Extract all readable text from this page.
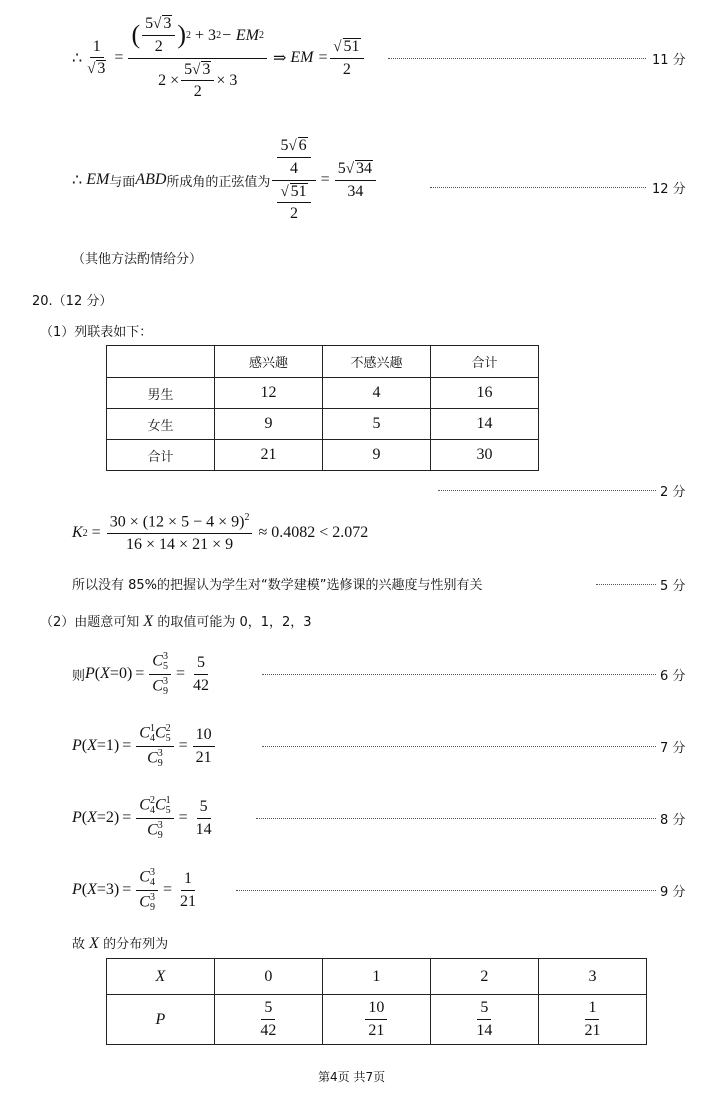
∴ $\frac{1}{√ 3}$ =
( $\frac{5√ 3}{2}$ ) 2 + 3 2 − EM 2
$2 \times \frac{5√ 3}{2} \times 3$
⇒ EM = $\frac{√ 51}{2}$	11 分
∴ EM 与面 ABD 所成角的正弦值为 $\frac{\frac{5√ 6}{4}}{\frac{√ 51}{2}} = \frac{5√ 34}{34}$	12 分
（其他方法酌情给分）
20.（12 分）
（1）列联表如下：
	感兴趣	不感兴趣	合计
男生	12	4	16
女生	9	5	14
合计	21	9	30
2 分
K $2 = \frac{30 \times (12 \times 5 - 4 \times 9)^2}{16 \times 14 \times 21 \times 9} \approx 0.4082 < 2.072$
所以没有 85%的把握认为学生对“数学建模”选修课的兴趣度与性别有关	5 分
（2）由题意可知 X 的取值可能为 0，1，2，3
则 P ( X = 0 ) = C 3
5
C 3
$9 = \frac{5}{42}$	6 分
P ( X = 1 ) = C 1
4 C 2
5
C 3
$9 = \frac{10}{21}$	7 分
P ( X = 2 ) = C 2
4 C 1
5
C 3
$9 = \frac{5}{14}$	8 分
P ( X = 3 ) = C 3
4
C 3
$9 = \frac{1}{21}$	9 分
故 X 的分布列为
X	0	1	2	3
P	$\frac{5}{42}$	$\frac{10}{21}$	$\frac{5}{14}$	$\frac{1}{21}$
第4页 共7页
